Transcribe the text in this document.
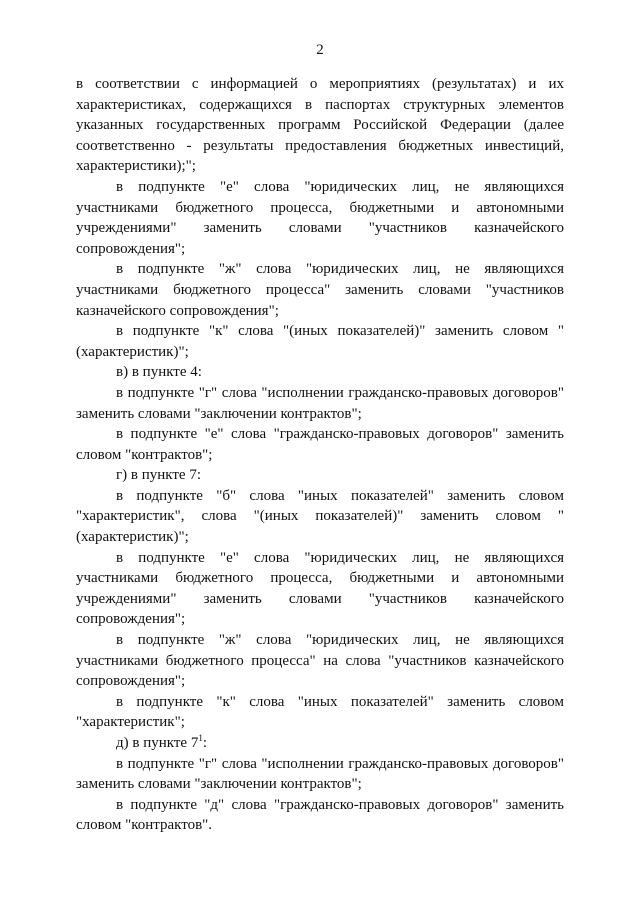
2

в соответствии с информацией о мероприятиях (результатах) и их характеристиках, содержащихся в паспортах структурных элементов указанных государственных программ Российской Федерации (далее соответственно - результаты предоставления бюджетных инвестиций, характеристики);";

в подпункте "е" слова "юридических лиц, не являющихся участниками бюджетного процесса, бюджетными и автономными учреждениями" заменить словами "участников казначейского сопровождения";

в подпункте "ж" слова "юридических лиц, не являющихся участниками бюджетного процесса" заменить словами "участников казначейского сопровождения";

в подпункте "к" слова "(иных показателей)" заменить словом "(характеристик)";

в) в пункте 4:

в подпункте "г" слова "исполнении гражданско-правовых договоров" заменить словами "заключении контрактов";

в подпункте "е" слова "гражданско-правовых договоров" заменить словом "контрактов";

г) в пункте 7:

в подпункте "б" слова "иных показателей" заменить словом "характеристик", слова "(иных показателей)" заменить словом "(характеристик)";

в подпункте "е" слова "юридических лиц, не являющихся участниками бюджетного процесса, бюджетными и автономными учреждениями" заменить словами "участников казначейского сопровождения";

в подпункте "ж" слова "юридических лиц, не являющихся участниками бюджетного процесса" на слова "участников казначейского сопровождения";

в подпункте "к" слова "иных показателей" заменить словом "характеристик";

д) в пункте $7^1$:

в подпункте "г" слова "исполнении гражданско-правовых договоров" заменить словами "заключении контрактов";

в подпункте "д" слова "гражданско-правовых договоров" заменить словом "контрактов".
